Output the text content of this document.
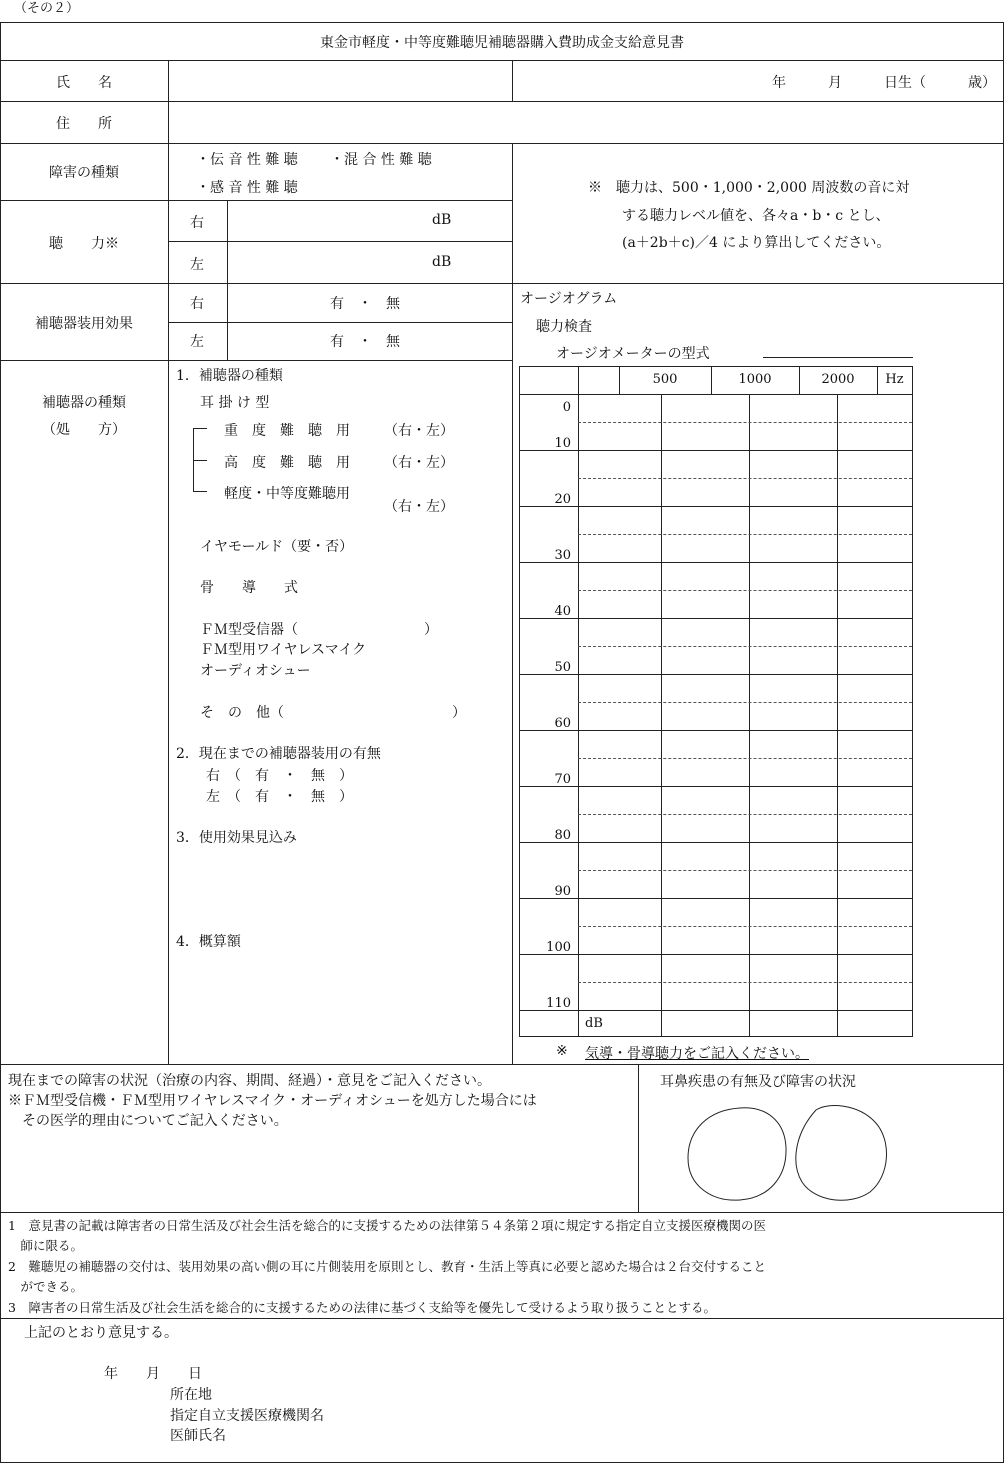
（その２）
東金市軽度・中等度難聴児補聴器購入費助成金支給意見書
氏　　名	年　　　月　　　日生（　　　歳）
住　　所
障害の種類
・伝 音 性 難 聴 ・混 合 性 難 聴
・感 音 性 難 聴
聴　　力※
右	dB
左	dB
※　聴力は、500・1,000・2,000 周波数の音に対
する聴力レベル値を、各々a・b・c とし、
(a＋2b＋c)／4 により算出してください。
補聴器装用効果
右	有　・　無
左	有　・　無
オージオグラム
聴力検査
オージオメーターの型式
500	1000	2000	Hz
0
10
20
30
40
50
60
70
80
90
100
110
dB
※ 気導・骨導聴力をご記入ください。
補聴器の種類
（処　　方）
1．補聴器の種類
耳 掛 け 型
重　度　難　聴　用 （右・左）
高　度　難　聴　用 （右・左）
軽度・中等度難聴用
（右・左）
イヤモールド（要・否）
骨　　導　　式
ＦＭ型受信器（　　　　　　　　　）
ＦＭ型用ワイヤレスマイク
オーディオシュー
そ　の　他（　　　　　　　　　　　　）
2．現在までの補聴器装用の有無
右　（　有　・　無　）
左　（　有　・　無　）
3．使用効果見込み
4．概算額
現在までの障害の状況（治療の内容、期間、経過）・意見をご記入ください。
※ＦＭ型受信機・ＦＭ型用ワイヤレスマイク・オーディオシューを処方した場合には
　その医学的理由についてご記入ください。
耳鼻疾患の有無及び障害の状況
1　意見書の記載は障害者の日常生活及び社会生活を総合的に支援するための法律第５４条第２項に規定する指定自立支援医療機関の医
　師に限る。
2　難聴児の補聴器の交付は、装用効果の高い側の耳に片側装用を原則とし、教育・生活上等真に必要と認めた場合は２台交付すること
　ができる。
3　障害者の日常生活及び社会生活を総合的に支援するための法律に基づく支給等を優先して受けるよう取り扱うこととする。
上記のとおり意見する。
年　　月　　日
所在地
指定自立支援医療機関名
医師氏名
